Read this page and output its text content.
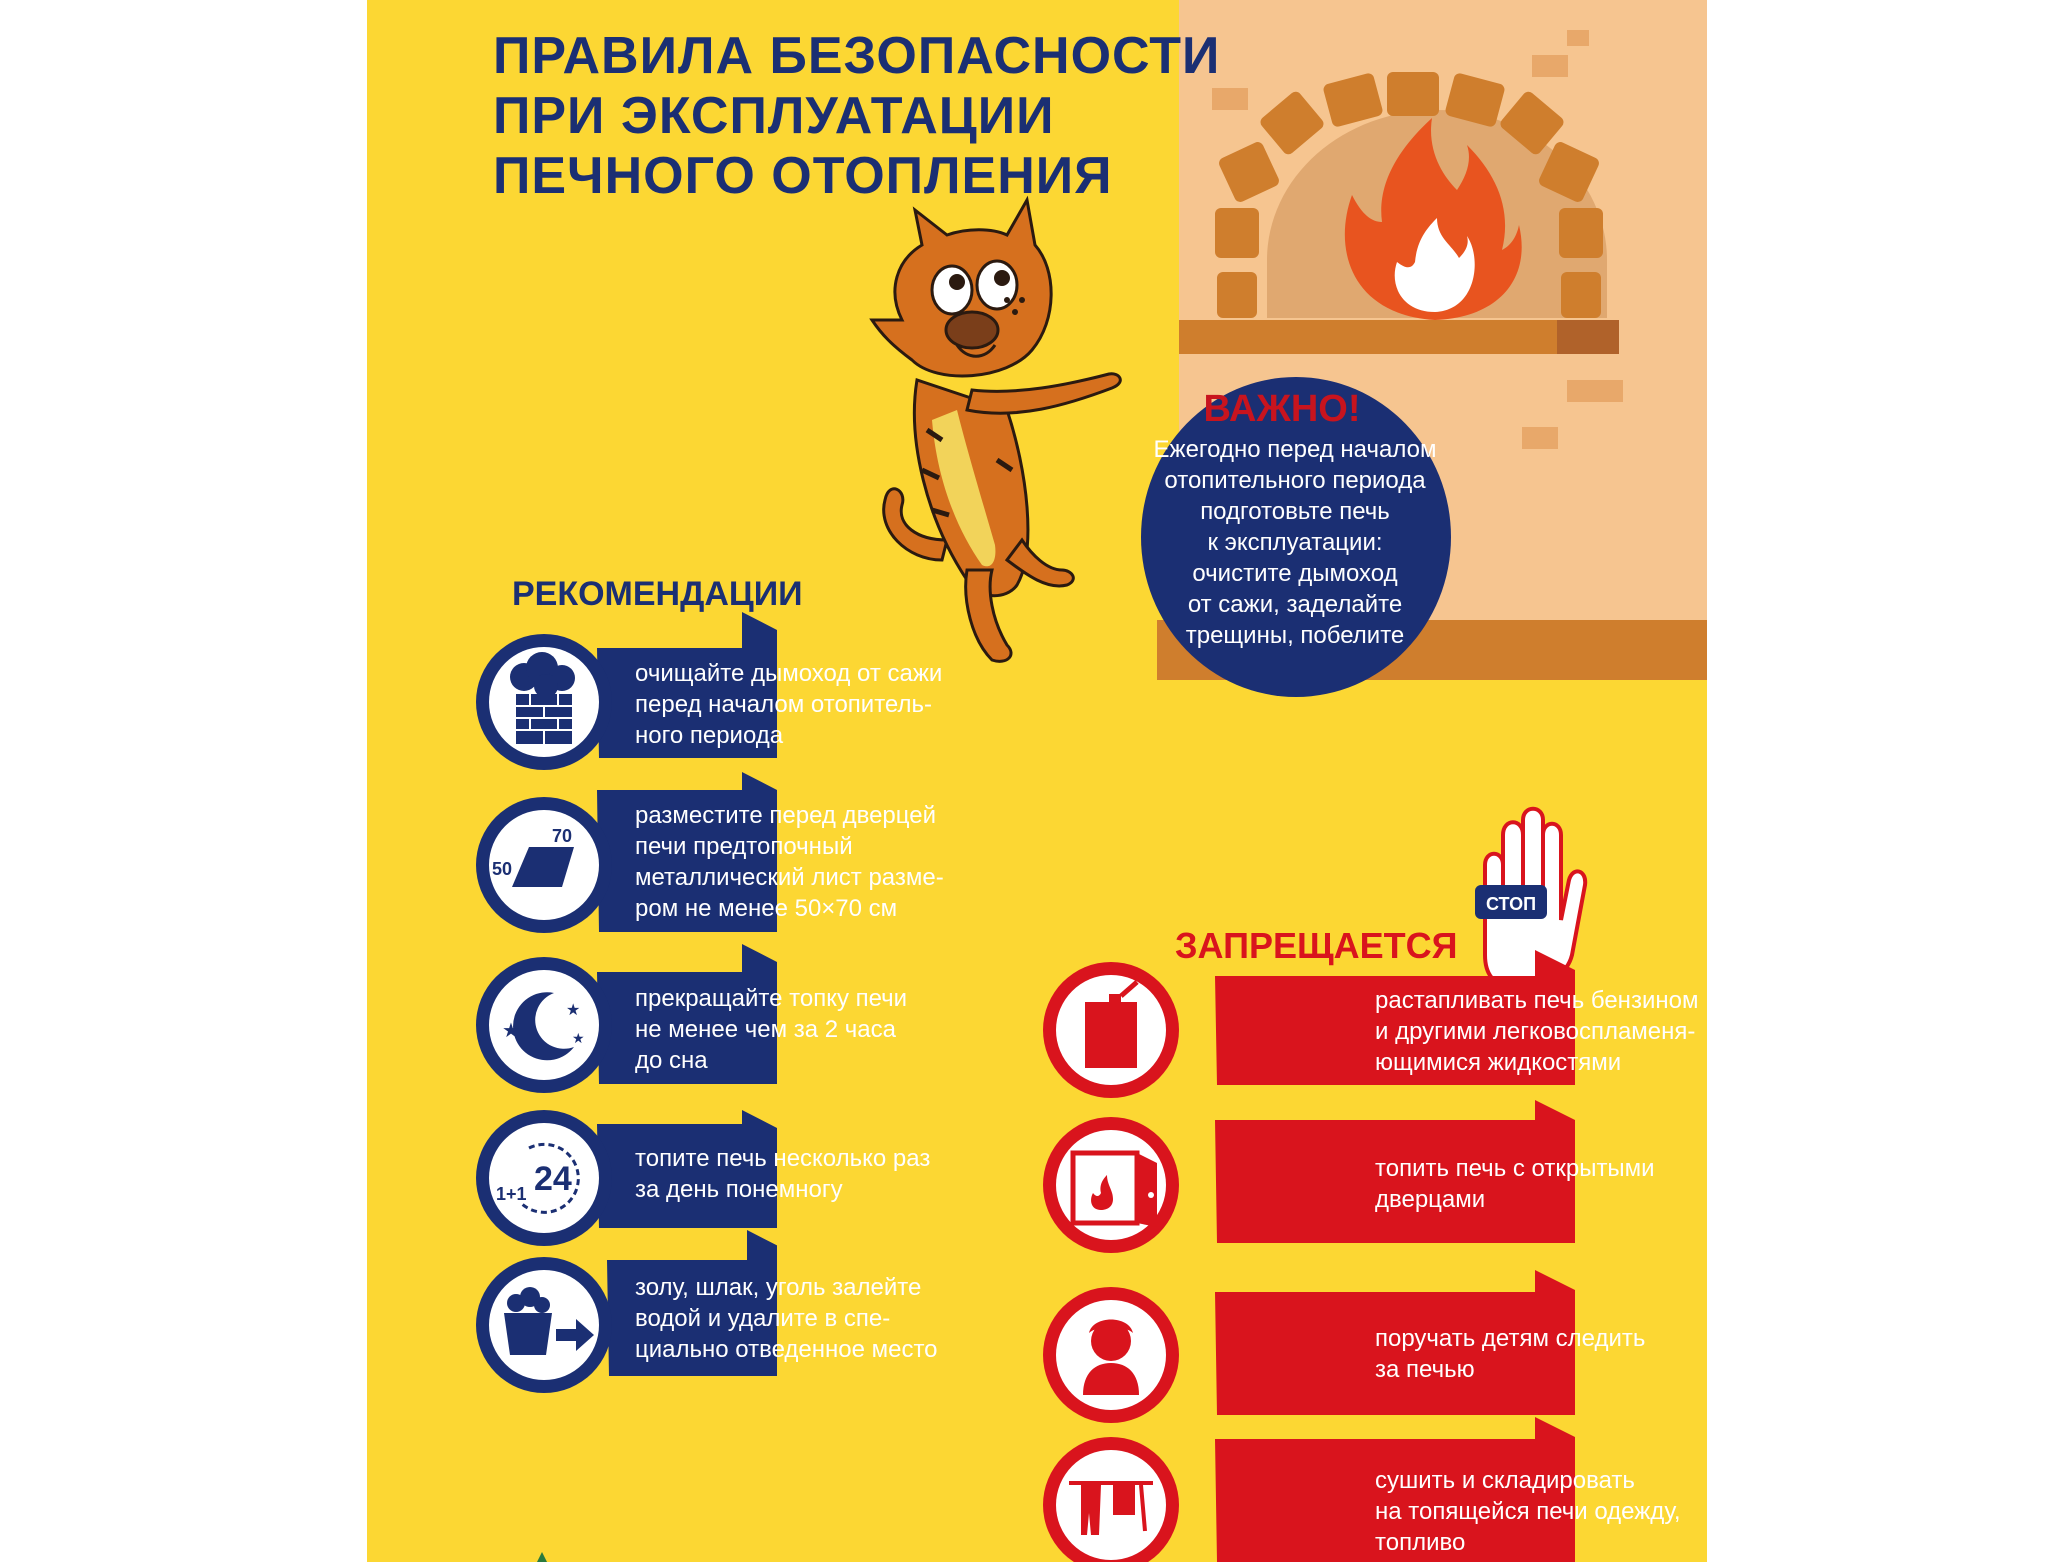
СТОП
ПРАВИЛА БЕЗОПАСНОСТИ
ПРИ ЭКСПЛУАТАЦИИ
ПЕЧНОГО ОТОПЛЕНИЯ
ВАЖНО!
Ежегодно перед началом
отопительного периода
подготовьте печь
к эксплуатации:
очистите дымоход
от сажи, заделайте
трещины, побелите
РЕКОМЕНДАЦИИ
ЗАПРЕЩАЕТСЯ
очищайте дымоход от сажи
перед началом отопитель-
ного периода
70
50
разместите перед дверцей
печи предтопочный
металлический лист разме-
ром не менее 50×70 см
★
★
★
прекращайте топку печи
не менее чем за 2 часа
до сна
24
1+1
топите печь несколько раз
за день понемногу
золу, шлак, уголь залейте
водой и удалите в спе-
циально отведенное место
растапливать печь бензином
и другими легковоспламеня-
ющимися жидкостями
топить печь с открытыми
дверцами
поручать детям следить
за печью
сушить и складировать
на топящейся печи одежду,
топливо
